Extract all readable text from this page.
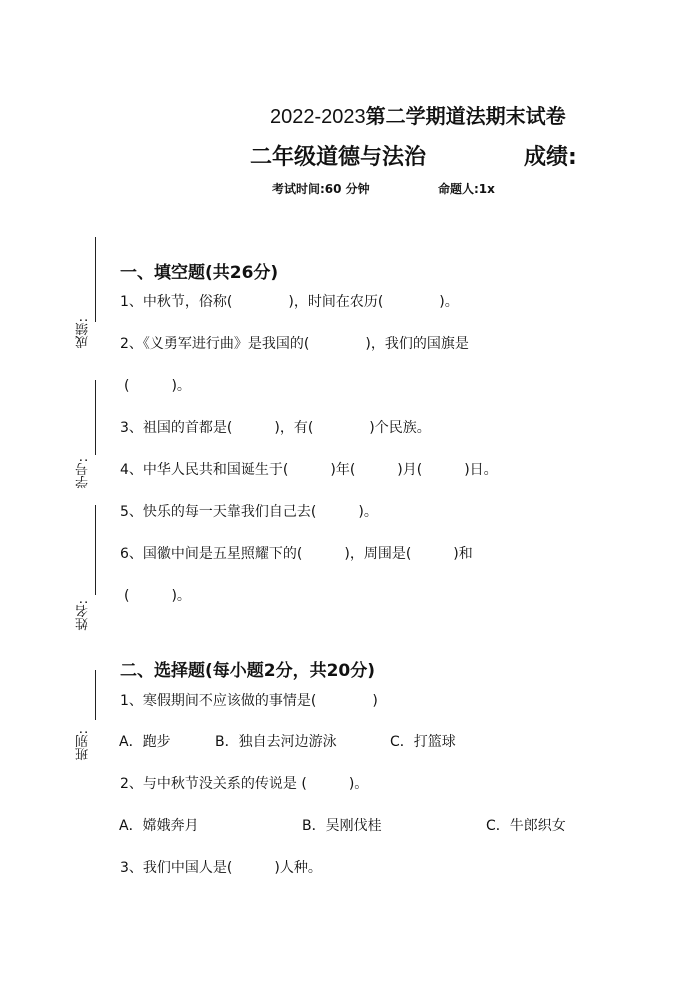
2022-2023第二学期道法期末试卷
二年级道德与法治	成绩:
考试时间:60 分钟	命题人:1x
成绩:
学号:
姓名:
班别:
一、填空题(共26分)
1、中秋节，俗称(　　　　)，时间在农历(　　　　)。
2、《义勇军进行曲》是我国的(　　　　)，我们的国旗是
(　　　)。
3、祖国的首都是(　　　)，有(　　　　)个民族。
4、中华人民共和国诞生于(　　　)年(　　　)月(　　　)日。
5、快乐的每一天靠我们自己去(　　　)。
6、国徽中间是五星照耀下的(　　　)，周围是(　　　)和
(　　　)。
二、选择题(每小题2分，共20分)
1、寒假期间不应该做的事情是(　　　　)
A．跑步	B．独自去河边游泳	C．打篮球
2、与中秋节没关系的传说是 (　　　)。
A．嫦娥奔月	B．吴刚伐桂	C．牛郎织女
3、我们中国人是(　　　)人种。
